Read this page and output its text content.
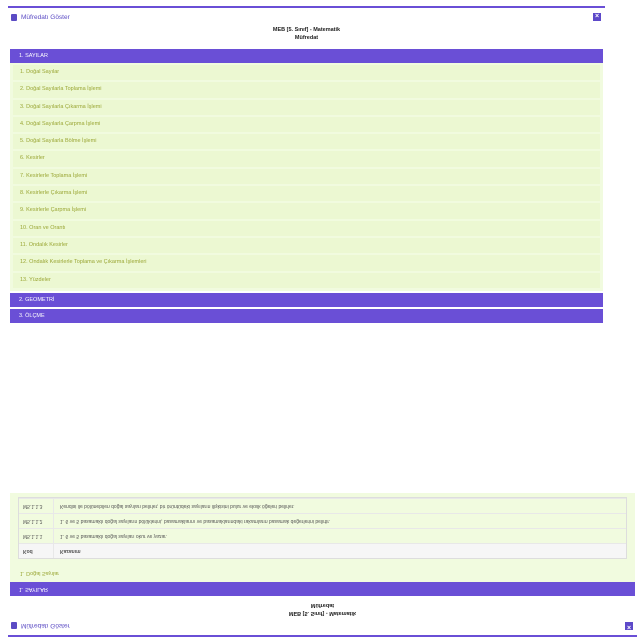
Müfredatı Göster	×
MEB [5. Sınıf] - Matematik
Müfredat
1. SAYILAR
1. Doğal Sayılar
2. Doğal Sayılarla Toplama İşlemi
3. Doğal Sayılarla Çıkarma İşlemi
4. Doğal Sayılarla Çarpma İşlemi
5. Doğal Sayılarla Bölme İşlemi
6. Kesirler
7. Kesirlerle Toplama İşlemi
8. Kesirlerle Çıkarma İşlemi
9. Kesirlerle Çarpma İşlemi
10. Oran ve Orantı
11. Ondalık Kesirler
12. Ondalık Kesirlerle Toplama ve Çıkarma İşlemleri
13. Yüzdeler
2. GEOMETRİ
3. ÖLÇME
Müfredatı Göster	×
MEB [5. Sınıf] - Matematik
Müfredat
1. SAYILAR
1. Doğal Sayılar
Kod	Kazanım
M5.1.1.1	1. 6 ve 5 basamaklı doğal sayıları okur ve yazar.
M5.1.1.2	1. 6 ve 5 basamaklı doğal sayıların bölüklerini, basamaklarını ve basamaklarındaki rakamların basamak değerlerini belirtir.
M5.1.1.3	Kendisi ile bölünebilen doğal sayıları belirler, bir örüntüdeki sayıların ilişkisini bulur ve eksik öğeleri belirler.
